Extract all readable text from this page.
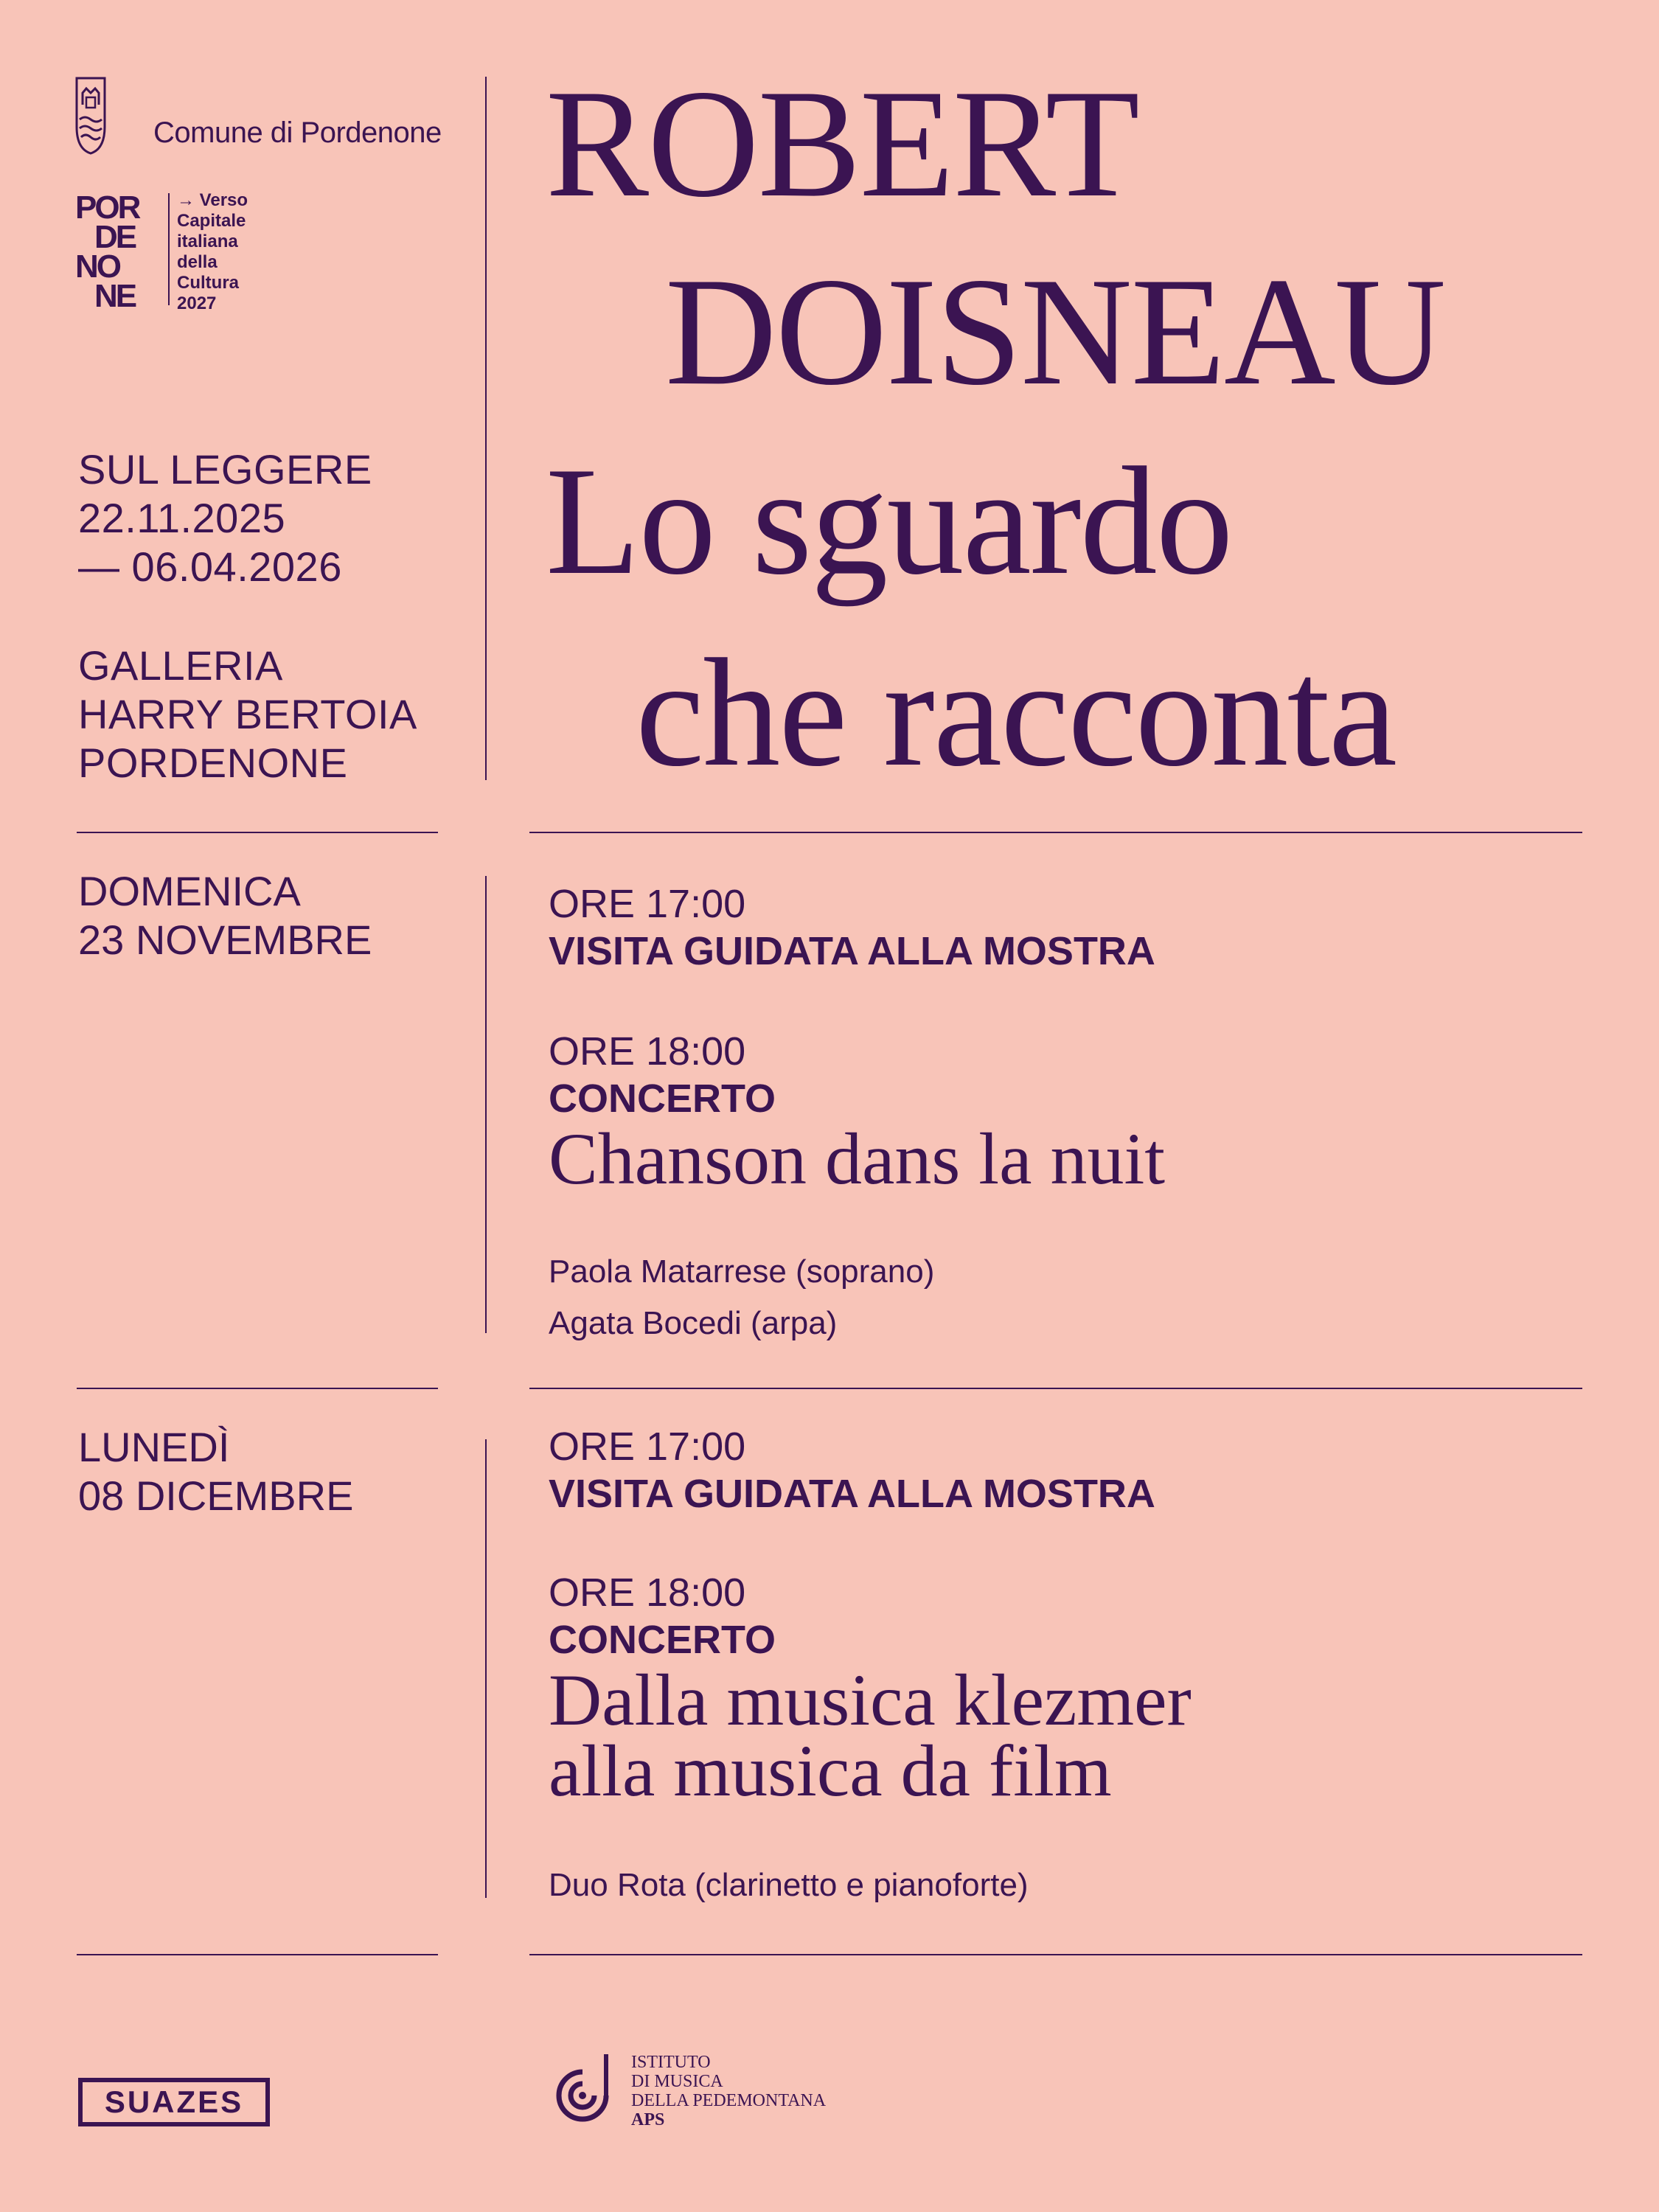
Comune di Pordenone
POR
DE
NO
NE
→ Verso
Capitale
italiana
della
Cultura
2027
SUL LEGGERE
22.11.2025
— 06.04.2026
GALLERIA
HARRY BERTOIA
PORDENONE
ROBERT
DOISNEAU
Lo sguardo
che racconta
DOMENICA
23 NOVEMBRE
ORE 17:00
VISITA GUIDATA ALLA MOSTRA
ORE 18:00
CONCERTO
Chanson dans la nuit
Paola Matarrese (soprano)
Agata Bocedi (arpa)
LUNEDÌ
08 DICEMBRE
ORE 17:00
VISITA GUIDATA ALLA MOSTRA
ORE 18:00
CONCERTO
Dalla musica klezmer
alla musica da film
Duo Rota (clarinetto e pianoforte)
SUAZES
ISTITUTO
DI MUSICA
DELLA PEDEMONTANA
APS
